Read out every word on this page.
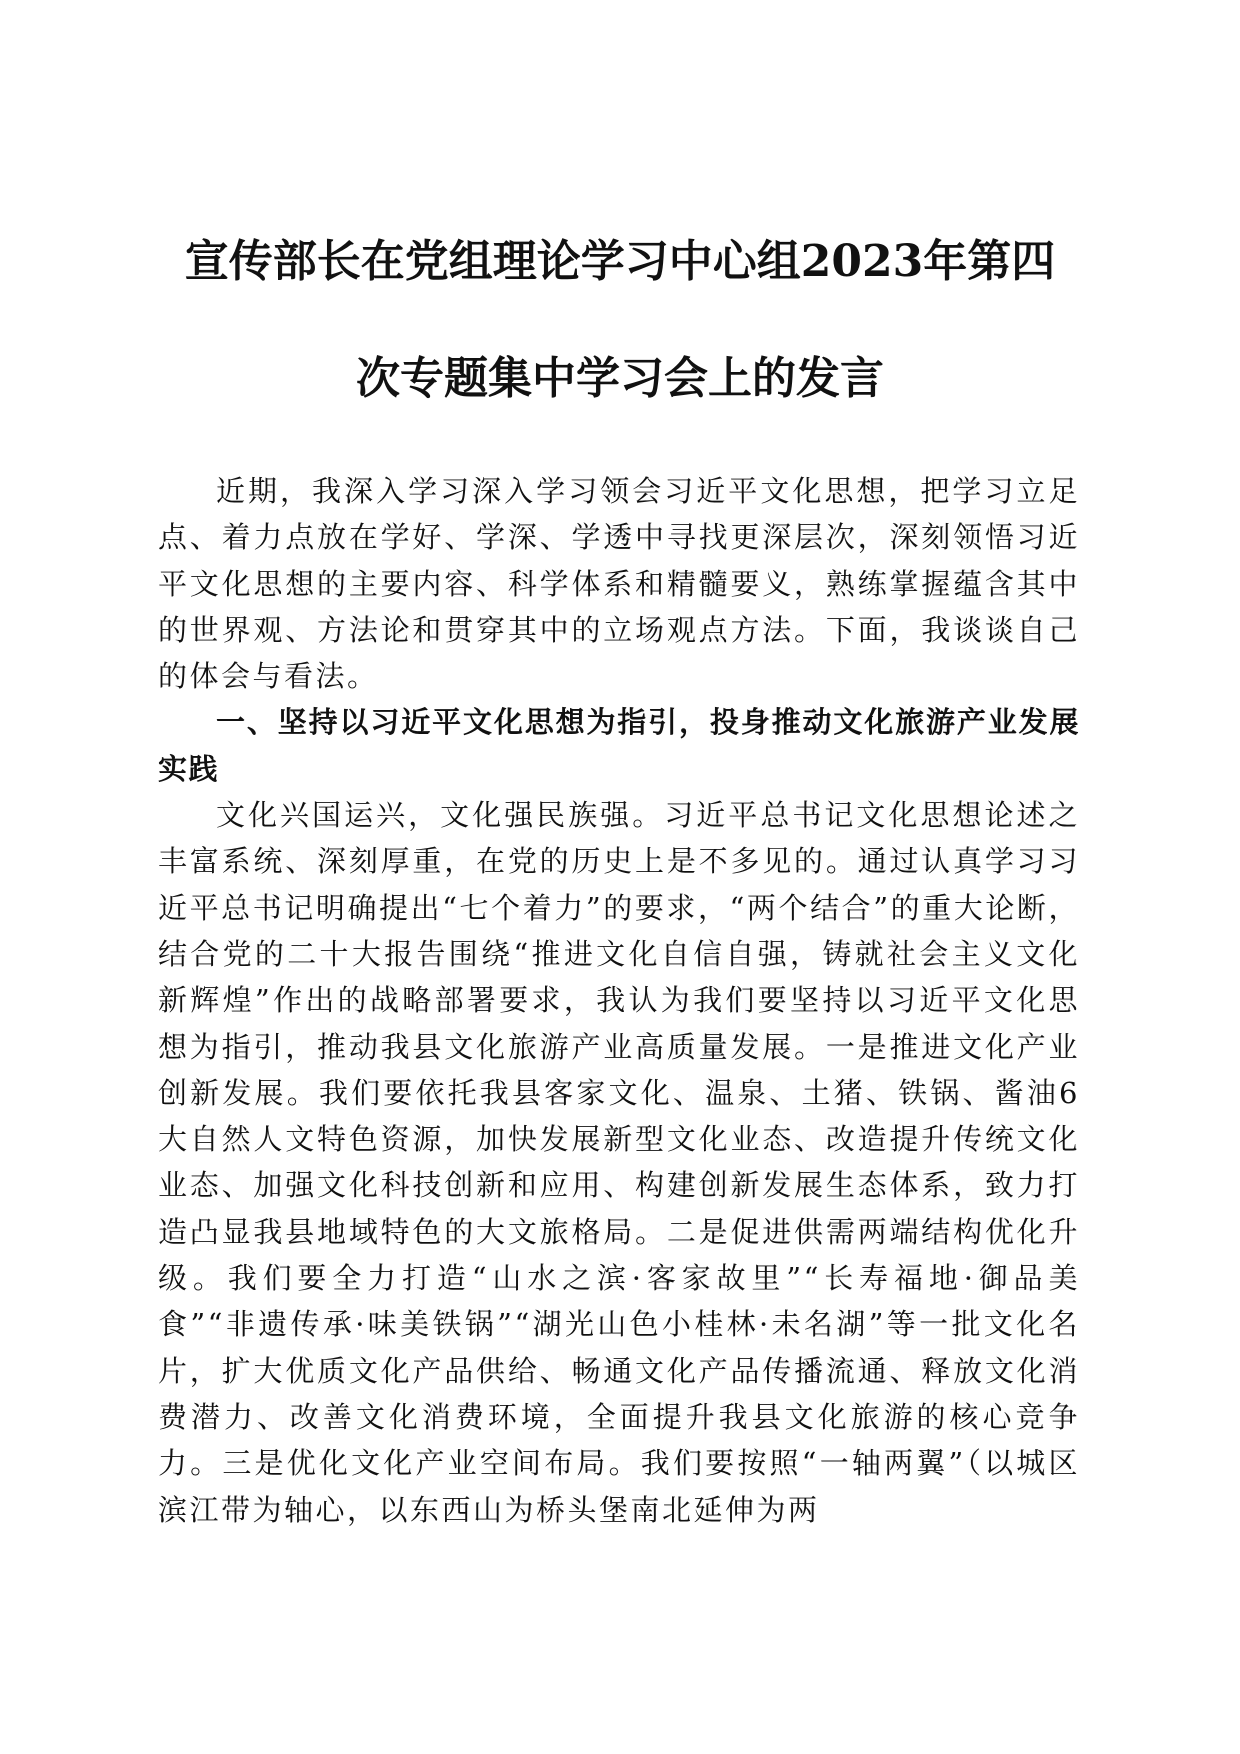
宣传部长在党组理论学习中心组2023年第四
次专题集中学习会上的发言

近期，我深入学习深入学习领会习近平文化思想，把学习立足点、着力点放在学好、学深、学透中寻找更深层次，深刻领悟习近平文化思想的主要内容、科学体系和精髓要义，熟练掌握蕴含其中的世界观、方法论和贯穿其中的立场观点方法。下面，我谈谈自己的体会与看法。

一、坚持以习近平文化思想为指引，投身推动文化旅游产业发展实践

文化兴国运兴，文化强民族强。习近平总书记文化思想论述之丰富系统、深刻厚重，在党的历史上是不多见的。通过认真学习习近平总书记明确提出“七个着力”的要求，“两个结合”的重大论断，结合党的二十大报告围绕“推进文化自信自强，铸就社会主义文化新辉煌”作出的战略部署要求，我认为我们要坚持以习近平文化思想为指引，推动我县文化旅游产业高质量发展。一是推进文化产业创新发展。我们要依托我县客家文化、温泉、土猪、铁锅、酱油6大自然人文特色资源，加快发展新型文化业态、改造提升传统文化业态、加强文化科技创新和应用、构建创新发展生态体系，致力打造凸显我县地域特色的大文旅格局。二是促进供需两端结构优化升级。我们要全力打造“山水之滨·客家故里”“长寿福地·御品美食”“非遗传承·味美铁锅”“湖光山色小桂林·未名湖”等一批文化名片，扩大优质文化产品供给、畅通文化产品传播流通、释放文化消费潜力、改善文化消费环境，全面提升我县文化旅游的核心竞争力。三是优化文化产业空间布局。我们要按照“一轴两翼”（以城区滨江带为轴心，以东西山为桥头堡南北延伸为两
